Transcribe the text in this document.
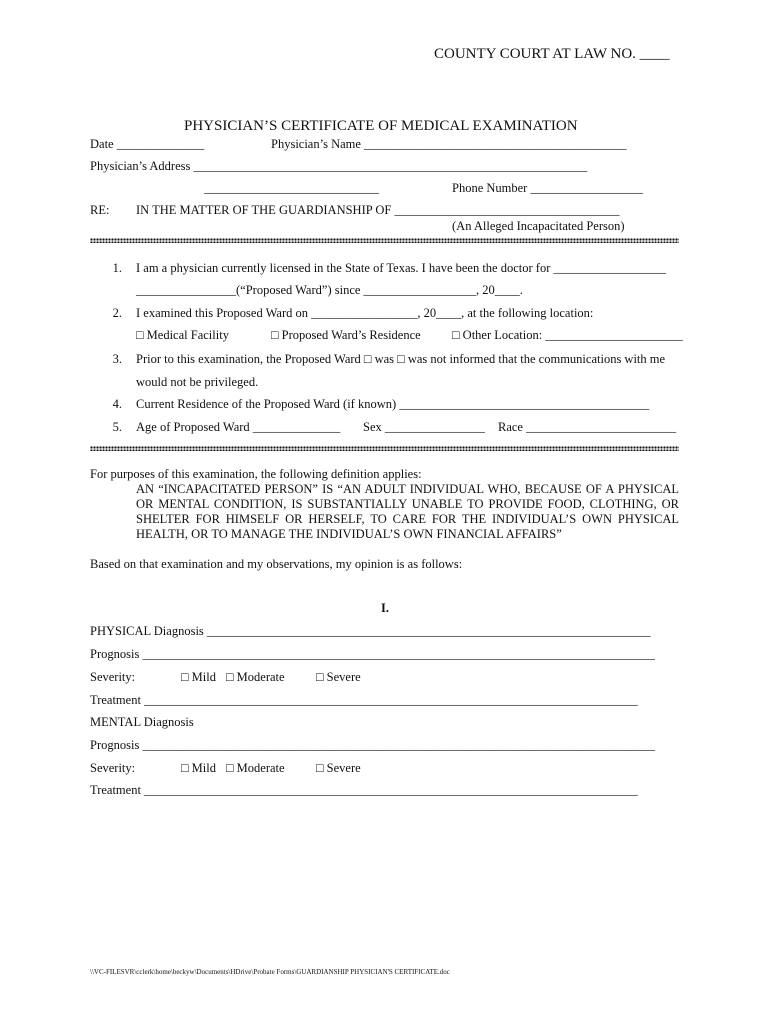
COUNTY COURT AT LAW NO. ____
PHYSICIAN’S CERTIFICATE OF MEDICAL EXAMINATION
Date ______________	Physician’s Name __________________________________________
Physician’s Address _______________________________________________________________
____________________________	Phone Number __________________
RE: IN THE MATTER OF THE GUARDIANSHIP OF ____________________________________
(An Alleged Incapacitated Person)
1. I am a physician currently licensed in the State of Texas. I have been the doctor for __________________
________________(“Proposed Ward”) since __________________, 20____.
2. I examined this Proposed Ward on _________________, 20____, at the following location:
□ Medical Facility	□ Proposed Ward’s Residence	□ Other Location: ______________________
3. Prior to this examination, the Proposed Ward □ was □ was not informed that the communications with me
would not be privileged.
4. Current Residence of the Proposed Ward (if known) ________________________________________
5. Age of Proposed Ward ______________ Sex ________________ Race ________________________
For purposes of this examination, the following definition applies:
AN “INCAPACITATED PERSON” IS “AN ADULT INDIVIDUAL WHO, BECAUSE OF A PHYSICAL OR MENTAL CONDITION, IS SUBSTANTIALLY UNABLE TO PROVIDE FOOD, CLOTHING, OR SHELTER FOR HIMSELF OR HERSELF, TO CARE FOR THE INDIVIDUAL’S OWN PHYSICAL HEALTH, OR TO MANAGE THE INDIVIDUAL’S OWN FINANCIAL AFFAIRS”
Based on that examination and my observations, my opinion is as follows:
I.
PHYSICAL Diagnosis _______________________________________________________________________
Prognosis __________________________________________________________________________________
Severity:	□ Mild □ Moderate	□ Severe
Treatment _______________________________________________________________________________
MENTAL Diagnosis
Prognosis __________________________________________________________________________________
Severity:	□ Mild □ Moderate	□ Severe
Treatment _______________________________________________________________________________
\\VC-FILESVR\cclerk\home\beckyw\Documents\HDrive\Probate Forms\GUARDIANSHIP PHYSICIAN'S CERTIFICATE.doc
